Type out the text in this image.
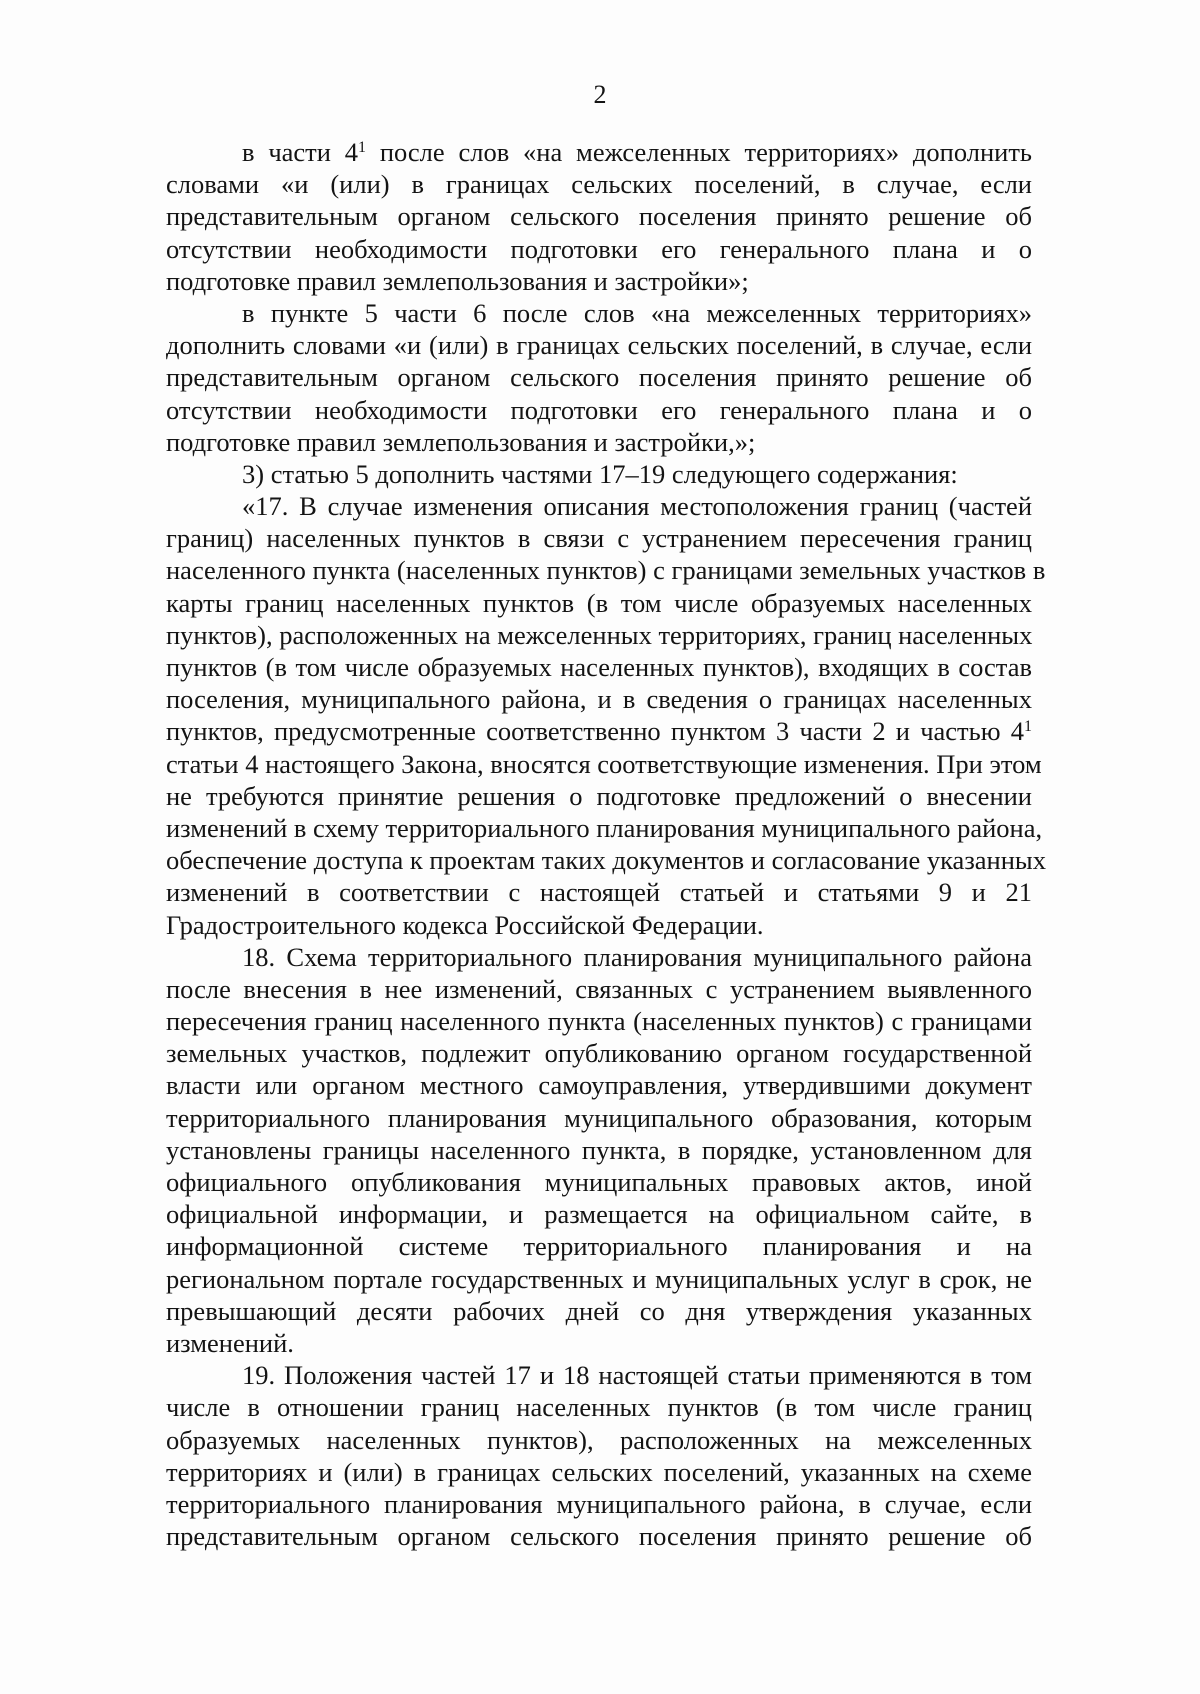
2
в части $4^1$ после слов «на межселенных территориях» дополнить
словами «и (или) в границах сельских поселений, в случае, если
представительным органом сельского поселения принято решение об
отсутствии необходимости подготовки его генерального плана и о
подготовке правил землепользования и застройки»;
в пункте 5 части 6 после слов «на межселенных территориях»
дополнить словами «и (или) в границах сельских поселений, в случае, если
представительным органом сельского поселения принято решение об
отсутствии необходимости подготовки его генерального плана и о
подготовке правил землепользования и застройки,»;
3) статью 5 дополнить частями 17–19 следующего содержания:
«17. В случае изменения описания местоположения границ (частей
границ) населенных пунктов в связи с устранением пересечения границ
населенного пункта (населенных пунктов) с границами земельных участков в
карты границ населенных пунктов (в том числе образуемых населенных
пунктов), расположенных на межселенных территориях, границ населенных
пунктов (в том числе образуемых населенных пунктов), входящих в состав
поселения, муниципального района, и в сведения о границах населенных
пунктов, предусмотренные соответственно пунктом 3 части 2 и частью $4^1$
статьи 4 настоящего Закона, вносятся соответствующие изменения. При этом
не требуются принятие решения о подготовке предложений о внесении
изменений в схему территориального планирования муниципального района,
обеспечение доступа к проектам таких документов и согласование указанных
изменений в соответствии с настоящей статьей и статьями 9 и 21
Градостроительного кодекса Российской Федерации.
18. Схема территориального планирования муниципального района
после внесения в нее изменений, связанных с устранением выявленного
пересечения границ населенного пункта (населенных пунктов) с границами
земельных участков, подлежит опубликованию органом государственной
власти или органом местного самоуправления, утвердившими документ
территориального планирования муниципального образования, которым
установлены границы населенного пункта, в порядке, установленном для
официального опубликования муниципальных правовых актов, иной
официальной информации, и размещается на официальном сайте, в
информационной системе территориального планирования и на
региональном портале государственных и муниципальных услуг в срок, не
превышающий десяти рабочих дней со дня утверждения указанных
изменений.
19. Положения частей 17 и 18 настоящей статьи применяются в том
числе в отношении границ населенных пунктов (в том числе границ
образуемых населенных пунктов), расположенных на межселенных
территориях и (или) в границах сельских поселений, указанных на схеме
территориального планирования муниципального района, в случае, если
представительным органом сельского поселения принято решение об
